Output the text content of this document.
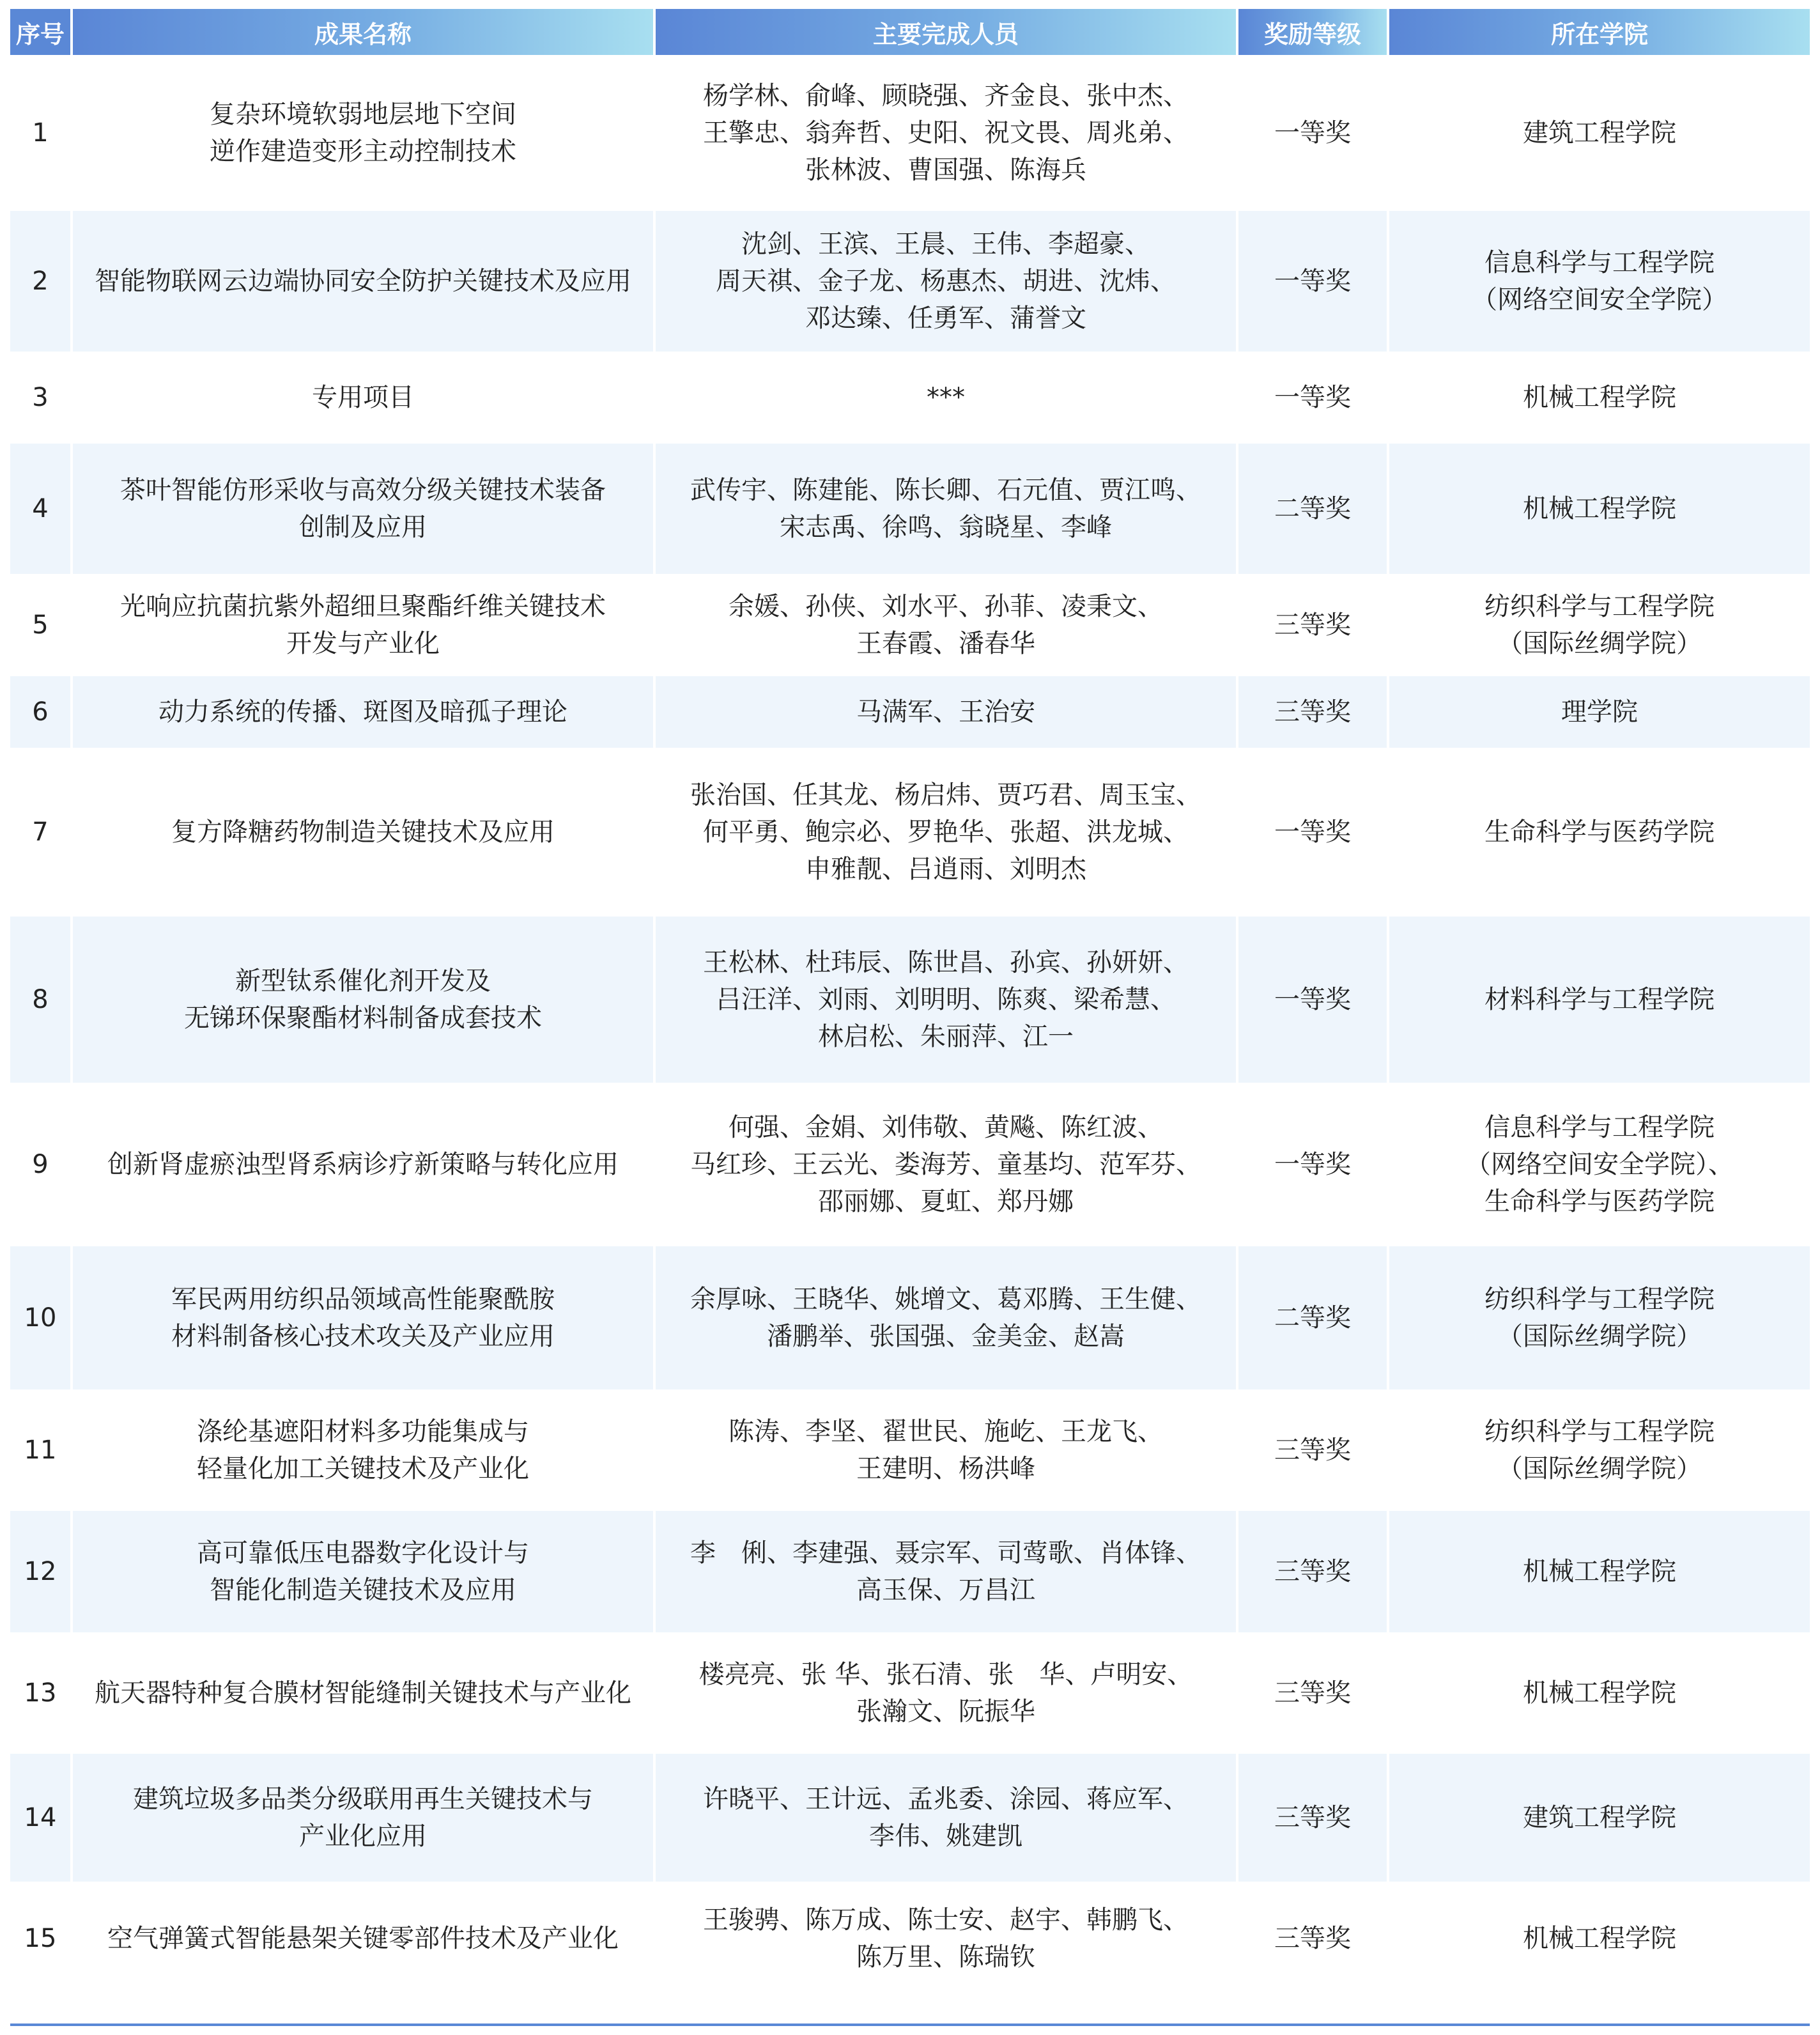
序号	成果名称	主要完成人员	奖励等级	所在学院
1	复杂环境软弱地层地下空间
逆作建造变形主动控制技术	杨学林、俞峰、顾晓强、齐金良、张中杰、
王擎忠、翁奔哲、史阳、祝文畏、周兆弟、
张林波、曹国强、陈海兵	一等奖	建筑工程学院

2	智能物联网云边端协同安全防护关键技术及应用	沈剑、王滨、王晨、王伟、李超豪、
周天祺、金子龙、杨惠杰、胡进、沈炜、
邓达臻、任勇军、蒲誉文	一等奖	信息科学与工程学院
（网络空间安全学院）

3	专用项目	***	一等奖	机械工程学院

4	茶叶智能仿形采收与高效分级关键技术装备
创制及应用	武传宇、陈建能、陈长卿、石元值、贾江鸣、
宋志禹、徐鸣、翁晓星、李峰	二等奖	机械工程学院

5	光响应抗菌抗紫外超细旦聚酯纤维关键技术
开发与产业化	余媛、孙侠、刘水平、孙菲、凌秉文、
王春霞、潘春华	三等奖	纺织科学与工程学院
（国际丝绸学院）

6	动力系统的传播、斑图及暗孤子理论	马满军、王治安	三等奖	理学院

7	复方降糖药物制造关键技术及应用	张治国、任其龙、杨启炜、贾巧君、周玉宝、
何平勇、鲍宗必、罗艳华、张超、洪龙城、
申雅靓、吕逍雨、刘明杰	一等奖	生命科学与医药学院

8	新型钛系催化剂开发及
无锑环保聚酯材料制备成套技术	王松林、杜玮辰、陈世昌、孙宾、孙妍妍、
吕汪洋、刘雨、刘明明、陈爽、梁希慧、
林启松、朱丽萍、江一	一等奖	材料科学与工程学院

9	创新肾虚瘀浊型肾系病诊疗新策略与转化应用	何强、金娟、刘伟敬、黄飚、陈红波、
马红珍、王云光、娄海芳、童基均、范军芬、
邵丽娜、夏虹、郑丹娜	一等奖	信息科学与工程学院
（网络空间安全学院）、
生命科学与医药学院

10	军民两用纺织品领域高性能聚酰胺
材料制备核心技术攻关及产业应用	余厚咏、王晓华、姚增文、葛邓腾、王生健、
潘鹏举、张国强、金美金、赵嵩	二等奖	纺织科学与工程学院
（国际丝绸学院）

11	涤纶基遮阳材料多功能集成与
轻量化加工关键技术及产业化	陈涛、李坚、翟世民、施屹、王龙飞、
王建明、杨洪峰	三等奖	纺织科学与工程学院
（国际丝绸学院）

12	高可靠低压电器数字化设计与
智能化制造关键技术及应用	李　俐、李建强、聂宗军、司莺歌、肖体锋、
高玉保、万昌江	三等奖	机械工程学院

13	航天器特种复合膜材智能缝制关键技术与产业化	楼亮亮、张 华、张石清、张　华、卢明安、
张瀚文、阮振华	三等奖	机械工程学院

14	建筑垃圾多品类分级联用再生关键技术与
产业化应用	许晓平、王计远、孟兆委、涂园、蒋应军、
李伟、姚建凯	三等奖	建筑工程学院

15	空气弹簧式智能悬架关键零部件技术及产业化	王骏骋、陈万成、陈士安、赵宇、韩鹏飞、
陈万里、陈瑞钦	三等奖	机械工程学院
